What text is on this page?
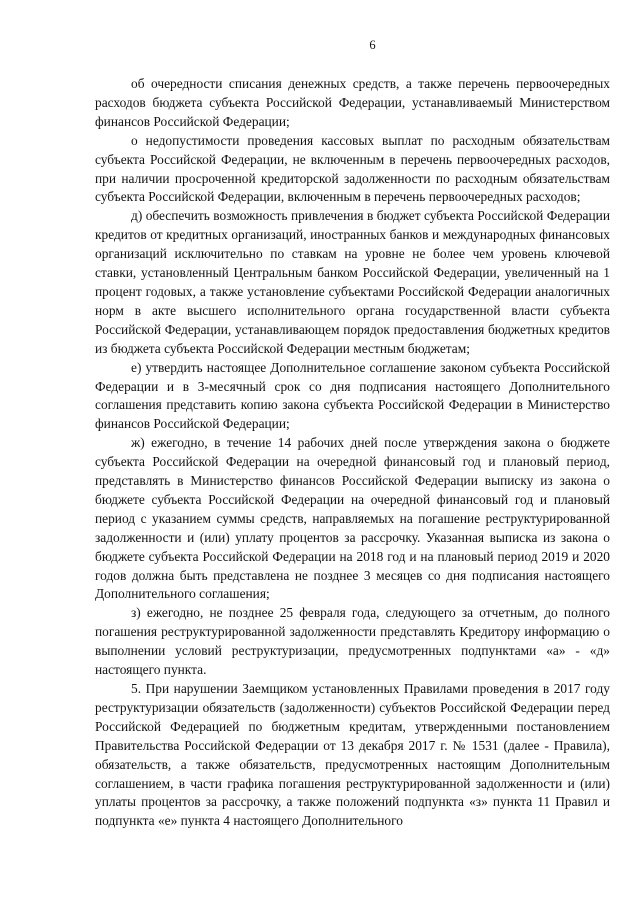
6

об очередности списания денежных средств, а также перечень первоочередных расходов бюджета субъекта Российской Федерации, устанавливаемый Министерством финансов Российской Федерации;

о недопустимости проведения кассовых выплат по расходным обязательствам субъекта Российской Федерации, не включенным в перечень первоочередных расходов, при наличии просроченной кредиторской задолженности по расходным обязательствам субъекта Российской Федерации, включенным в перечень первоочередных расходов;

д) обеспечить возможность привлечения в бюджет субъекта Российской Федерации кредитов от кредитных организаций, иностранных банков и международных финансовых организаций исключительно по ставкам на уровне не более чем уровень ключевой ставки, установленный Центральным банком Российской Федерации, увеличенный на 1 процент годовых, а также установление субъектами Российской Федерации аналогичных норм в акте высшего исполнительного органа государственной власти субъекта Российской Федерации, устанавливающем порядок предоставления бюджетных кредитов из бюджета субъекта Российской Федерации местным бюджетам;

е) утвердить настоящее Дополнительное соглашение законом субъекта Российской Федерации и в 3-месячный срок со дня подписания настоящего Дополнительного соглашения представить копию закона субъекта Российской Федерации в Министерство финансов Российской Федерации;

ж) ежегодно, в течение 14 рабочих дней после утверждения закона о бюджете субъекта Российской Федерации на очередной финансовый год и плановый период, представлять в Министерство финансов Российской Федерации выписку из закона о бюджете субъекта Российской Федерации на очередной финансовый год и плановый период с указанием суммы средств, направляемых на погашение реструктурированной задолженности и (или) уплату процентов за рассрочку. Указанная выписка из закона о бюджете субъекта Российской Федерации на 2018 год и на плановый период 2019 и 2020 годов должна быть представлена не позднее 3 месяцев со дня подписания настоящего Дополнительного соглашения;

з) ежегодно, не позднее 25 февраля года, следующего за отчетным, до полного погашения реструктурированной задолженности представлять Кредитору информацию о выполнении условий реструктуризации, предусмотренных подпунктами «а» - «д» настоящего пункта.

5. При нарушении Заемщиком установленных Правилами проведения в 2017 году реструктуризации обязательств (задолженности) субъектов Российской Федерации перед Российской Федерацией по бюджетным кредитам, утвержденными постановлением Правительства Российской Федерации от 13 декабря 2017 г. № 1531 (далее - Правила), обязательств, а также обязательств, предусмотренных настоящим Дополнительным соглашением, в части графика погашения реструктурированной задолженности и (или) уплаты процентов за рассрочку, а также положений подпункта «з» пункта 11 Правил и подпункта «е» пункта 4 настоящего Дополнительного
